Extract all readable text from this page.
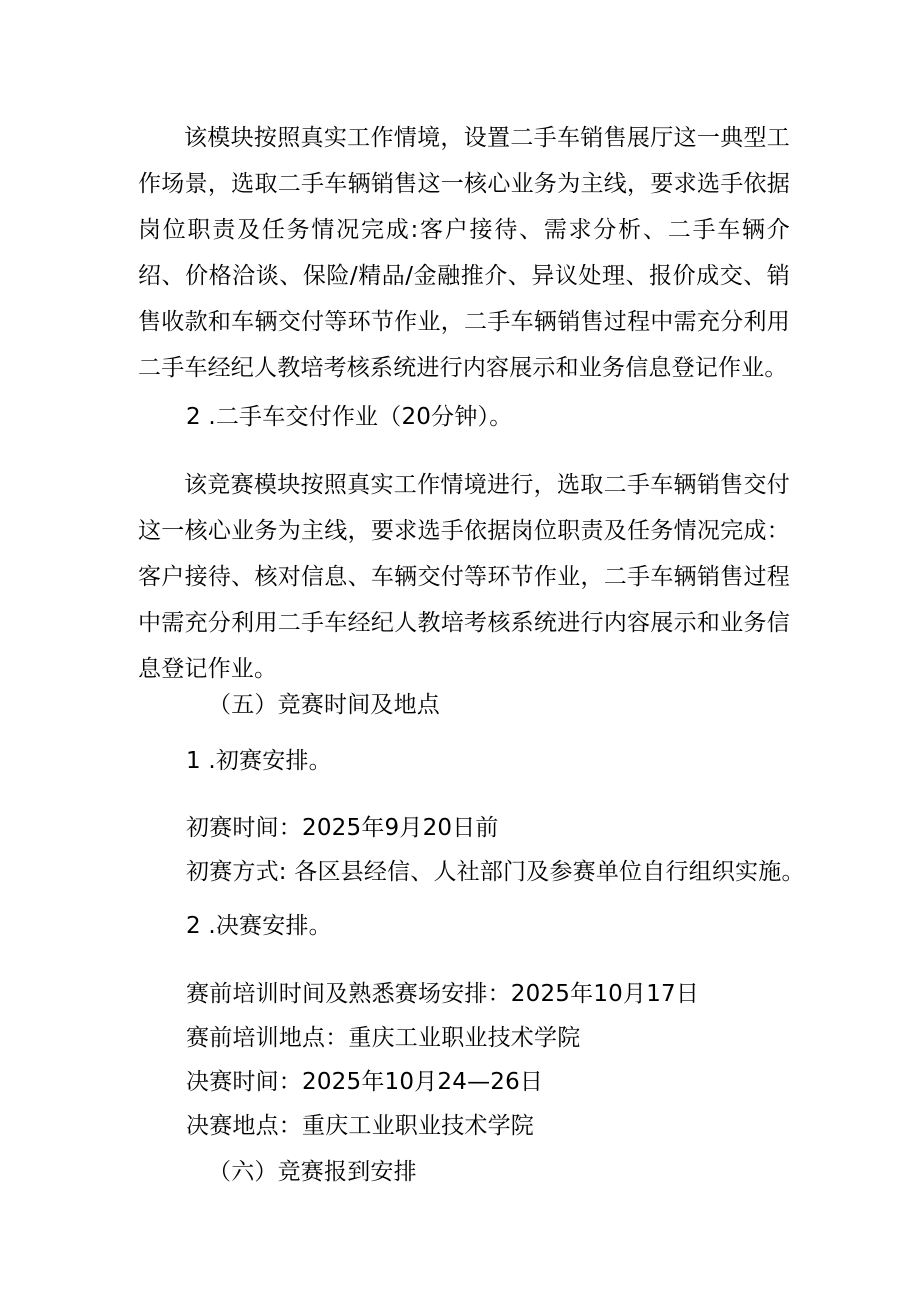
该模块按照真实工作情境，设置二手车销售展厅这一典型工作场景，选取二手车辆销售这一核心业务为主线，要求选手依据岗位职责及任务情况完成:客户接待、需求分析、二手车辆介绍、价格洽谈、保险/精品/金融推介、异议处理、报价成交、销售收款和车辆交付等环节作业，二手车辆销售过程中需充分利用二手车经纪人教培考核系统进行内容展示和业务信息登记作业。

2 .二手车交付作业（20分钟）。

该竞赛模块按照真实工作情境进行，选取二手车辆销售交付这一核心业务为主线，要求选手依据岗位职责及任务情况完成：客户接待、核对信息、车辆交付等环节作业，二手车辆销售过程中需充分利用二手车经纪人教培考核系统进行内容展示和业务信息登记作业。

（五）竞赛时间及地点

1 .初赛安排。

初赛时间：2025年9月20日前

初赛方式: 各区县经信、人社部门及参赛单位自行组织实施。

2 .决赛安排。

赛前培训时间及熟悉赛场安排：2025年10月17日

赛前培训地点：重庆工业职业技术学院

决赛时间：2025年10月24—26日

决赛地点：重庆工业职业技术学院

（六）竞赛报到安排
